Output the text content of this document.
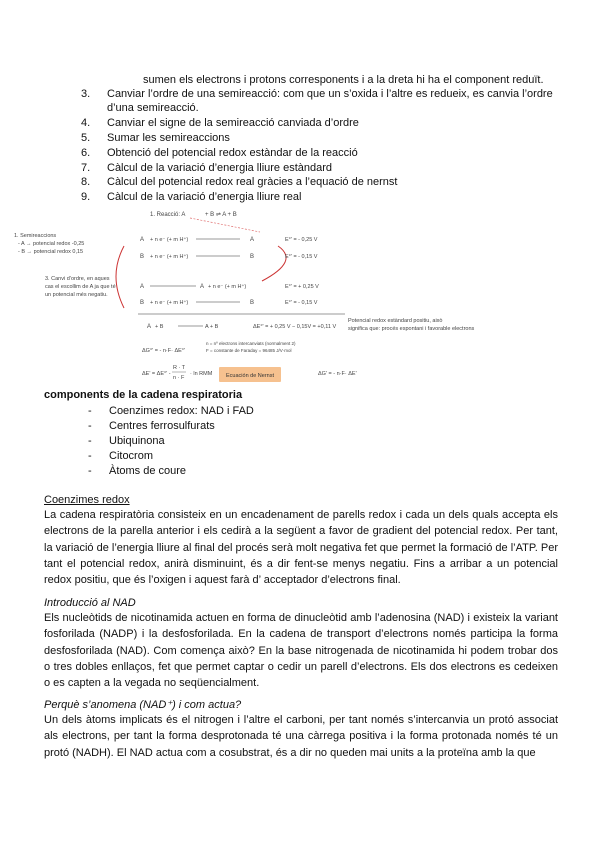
sumen els electrons i protons corresponents i a la dreta hi ha el component reduït.
3. Canviar l’ordre de una semireacció: com que un s’oxida i l’altre es redueix, es canvia l’ordre
d’una semireacció.
4. Canviar el signe de la semireacció canviada d’ordre
5. Sumar les semireaccions
6. Obtenció del potencial redox estàndar de la reacció
7. Càlcul de la variació d’energia lliure estàndard
8. Càlcul del potencial redox real gràcies a l’equació de nernst
9. Càlcul de la variació d’energia lliure real
1. Reacció: A	+ B ⇌ A + B
1. Semireaccions
- A → potencial redox -0,25
- B → potencial redox 0,15
A + n e⁻ (+ m H⁺)	A	E°' = - 0,25 V
B + n e⁻ (+ m H⁺)	B	E°' = - 0,15 V
3. Canvi d’ordre, en aques
cas el escollim de A ja que té
un potencial més negatiu.
A	A + n e⁻ (+ m H⁺)	E°' = + 0,25 V
B + n e⁻ (+ m H⁺)	B	E°' = - 0,15 V
A + B	A + B	ΔE°' = + 0,25 V − 0,15V = +0,11 V
Potencial redox estàndard positiu, això
significa que: procés espontani i favorable electrons
ΔG°' = - n·F· ΔE°'
n = nº electrons intercanviats (normalment 2)
F = constante de Faraday = 96485 J/V·mol
ΔE' = ΔE°' -
R · T
n · F
· ln RMM Ecuación de Nernst	ΔG' = - n·F· ΔE'
components de la cadena respiratoria
- Coenzimes redox: NAD i FAD
- Centres ferrosulfurats
- Ubiquinona
- Citocrom
- Àtoms de coure
Coenzimes redox
La cadena respiratòria consisteix en un encadenament de parells redox i cada un dels quals accepta els electrons de la parella anterior i els cedirà a la següent a favor de gradient del potencial redox. Per tant, la variació de l’energia lliure al final del procés serà molt negativa fet que permet la formació de l’ATP. Per tant el potencial redox, anirà disminuint, és a dir fent-se menys negatiu. Fins a arribar a un potencial redox positiu, que és l’oxigen i aquest farà d’ acceptador d’electrons final.
Introducció al NAD
Els nucleòtids de nicotinamida actuen en forma de dinucleòtid amb l’adenosina (NAD) i existeix la variant fosforilada (NADP) i la desfosforilada. En la cadena de transport d’electrons només participa la forma desfosforilada (NAD). Com comença això? En la base nitrogenada de nicotinamida hi podem trobar dos o tres dobles enllaços, fet que permet captar o cedir un parell d’electrons. Els dos electrons es cedeixen o es capten a la vegada no seqüencialment.
Perquè s’anomena (NAD⁺) i com actua?
Un dels àtoms implicats és el nitrogen i l’altre el carboni, per tant només s’intercanvia un protó associat als electrons, per tant la forma desprotonada té una càrrega positiva i la forma protonada només té un protó (NADH). El NAD actua com a cosubstrat, és a dir no queden mai units a la proteïna amb la que
